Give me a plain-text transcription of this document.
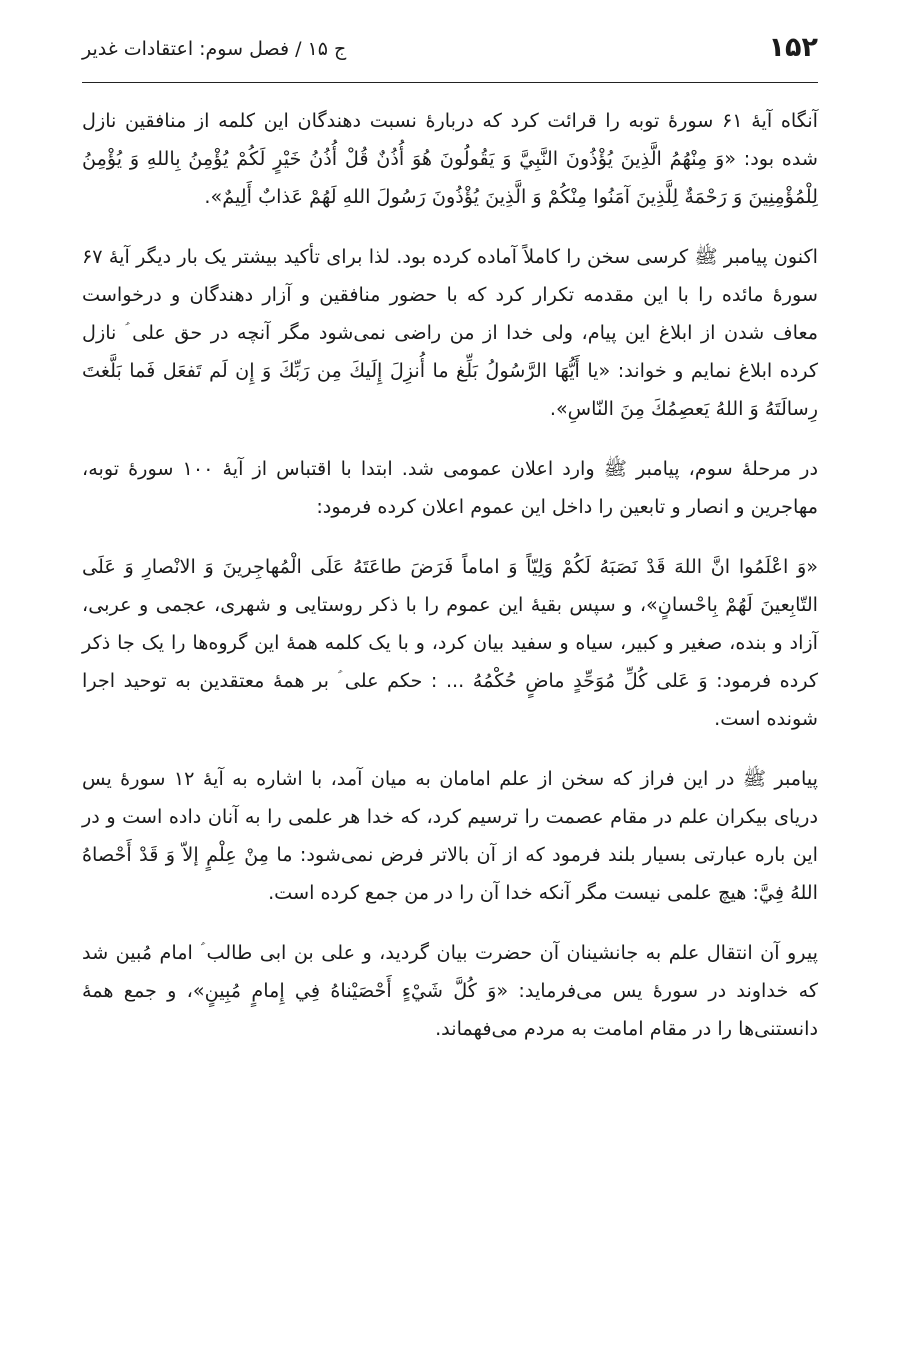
۱۵۲
ج ۱۵ / فصل سوم: اعتقادات غدیر

آنگاه آیهٔ ۶۱ سورهٔ توبه را قرائت کرد که دربارهٔ نسبت دهندگان این کلمه از منافقین نازل شده بود: «وَ مِنْهُمُ الَّذِينَ يُؤْذُونَ النَّبِيَّ وَ يَقُولُونَ هُوَ أُذُنٌ قُلْ أُذُنُ خَيْرٍ لَكُمْ يُؤْمِنُ بِاللهِ وَ يُؤْمِنُ لِلْمُؤْمِنِينَ وَ رَحْمَةٌ لِلَّذِينَ آمَنُوا مِنْكُمْ وَ الَّذِينَ يُؤْذُونَ رَسُولَ اللهِ لَهُمْ عَذابٌ أَلِيمٌ».

اکنون پیامبر ﷺ کرسی سخن را کاملاً آماده کرده بود. لذا برای تأکید بیشتر یک بار دیگر آیهٔ ۶۷ سورهٔ مائده را با این مقدمه تکرار کرد که با حضور منافقین و آزار دهندگان و درخواست معاف شدن از ابلاغ این پیام، ولی خدا از من راضی نمی‌شود مگر آنچه در حق علی ؑ نازل کرده ابلاغ نمایم و خواند: «يا أَيُّهَا الرَّسُولُ بَلِّغ ما أُنزِلَ إِلَيكَ مِن رَبِّكَ وَ إِن لَم تَفعَل فَما بَلَّغتَ رِسالَتَهُ وَ اللهُ يَعصِمُكَ مِنَ النّاسِ».

در مرحلهٔ سوم، پیامبر ﷺ وارد اعلان عمومی شد. ابتدا با اقتباس از آیهٔ ۱۰۰ سورهٔ توبه، مهاجرین و انصار و تابعین را داخل این عموم اعلان کرده فرمود:

«وَ اعْلَمُوا انَّ اللهَ قَدْ نَصَبَهُ لَكُمْ وَلِيّاً وَ اماماً فَرَضَ طاعَتَهُ عَلَى الْمُهاجِرينَ وَ الانْصارِ وَ عَلَى التّابِعينَ لَهُمْ بِاحْسانٍ»، و سپس بقیهٔ این عموم را با ذکر روستایی و شهری، عجمی و عربی، آزاد و بنده، صغیر و کبیر، سیاه و سفید بیان کرد، و با یک کلمه همهٔ این گروه‌ها را یک جا ذکر کرده فرمود: وَ عَلى كُلِّ مُوَحِّدٍ ماضٍ حُكْمُهُ ... : حکم علی ؑ بر همهٔ معتقدین به توحید اجرا شونده است.

پیامبر ﷺ در این فراز که سخن از علم امامان به میان آمد، با اشاره به آیهٔ ۱۲ سورهٔ یس دریای بیکران علم در مقام عصمت را ترسیم کرد، که خدا هر علمی را به آنان داده است و در این باره عبارتی بسیار بلند فرمود که از آن بالاتر فرض نمی‌شود: ما مِنْ عِلْمٍ إلاّ وَ قَدْ أَحْصاهُ اللهُ فِيَّ: هیچ علمی نیست مگر آنکه خدا آن را در من جمع کرده است.

پیرو آن انتقال علم به جانشینان آن حضرت بیان گردید، و علی بن ابی طالب ؑ امام مُبین شد که خداوند در سورهٔ یس می‌فرماید: «وَ كُلَّ شَيْءٍ أَحْصَيْناهُ فِي إِمامٍ مُبِينٍ»، و جمع همهٔ دانستنی‌ها را در مقام امامت به مردم می‌فهماند.
